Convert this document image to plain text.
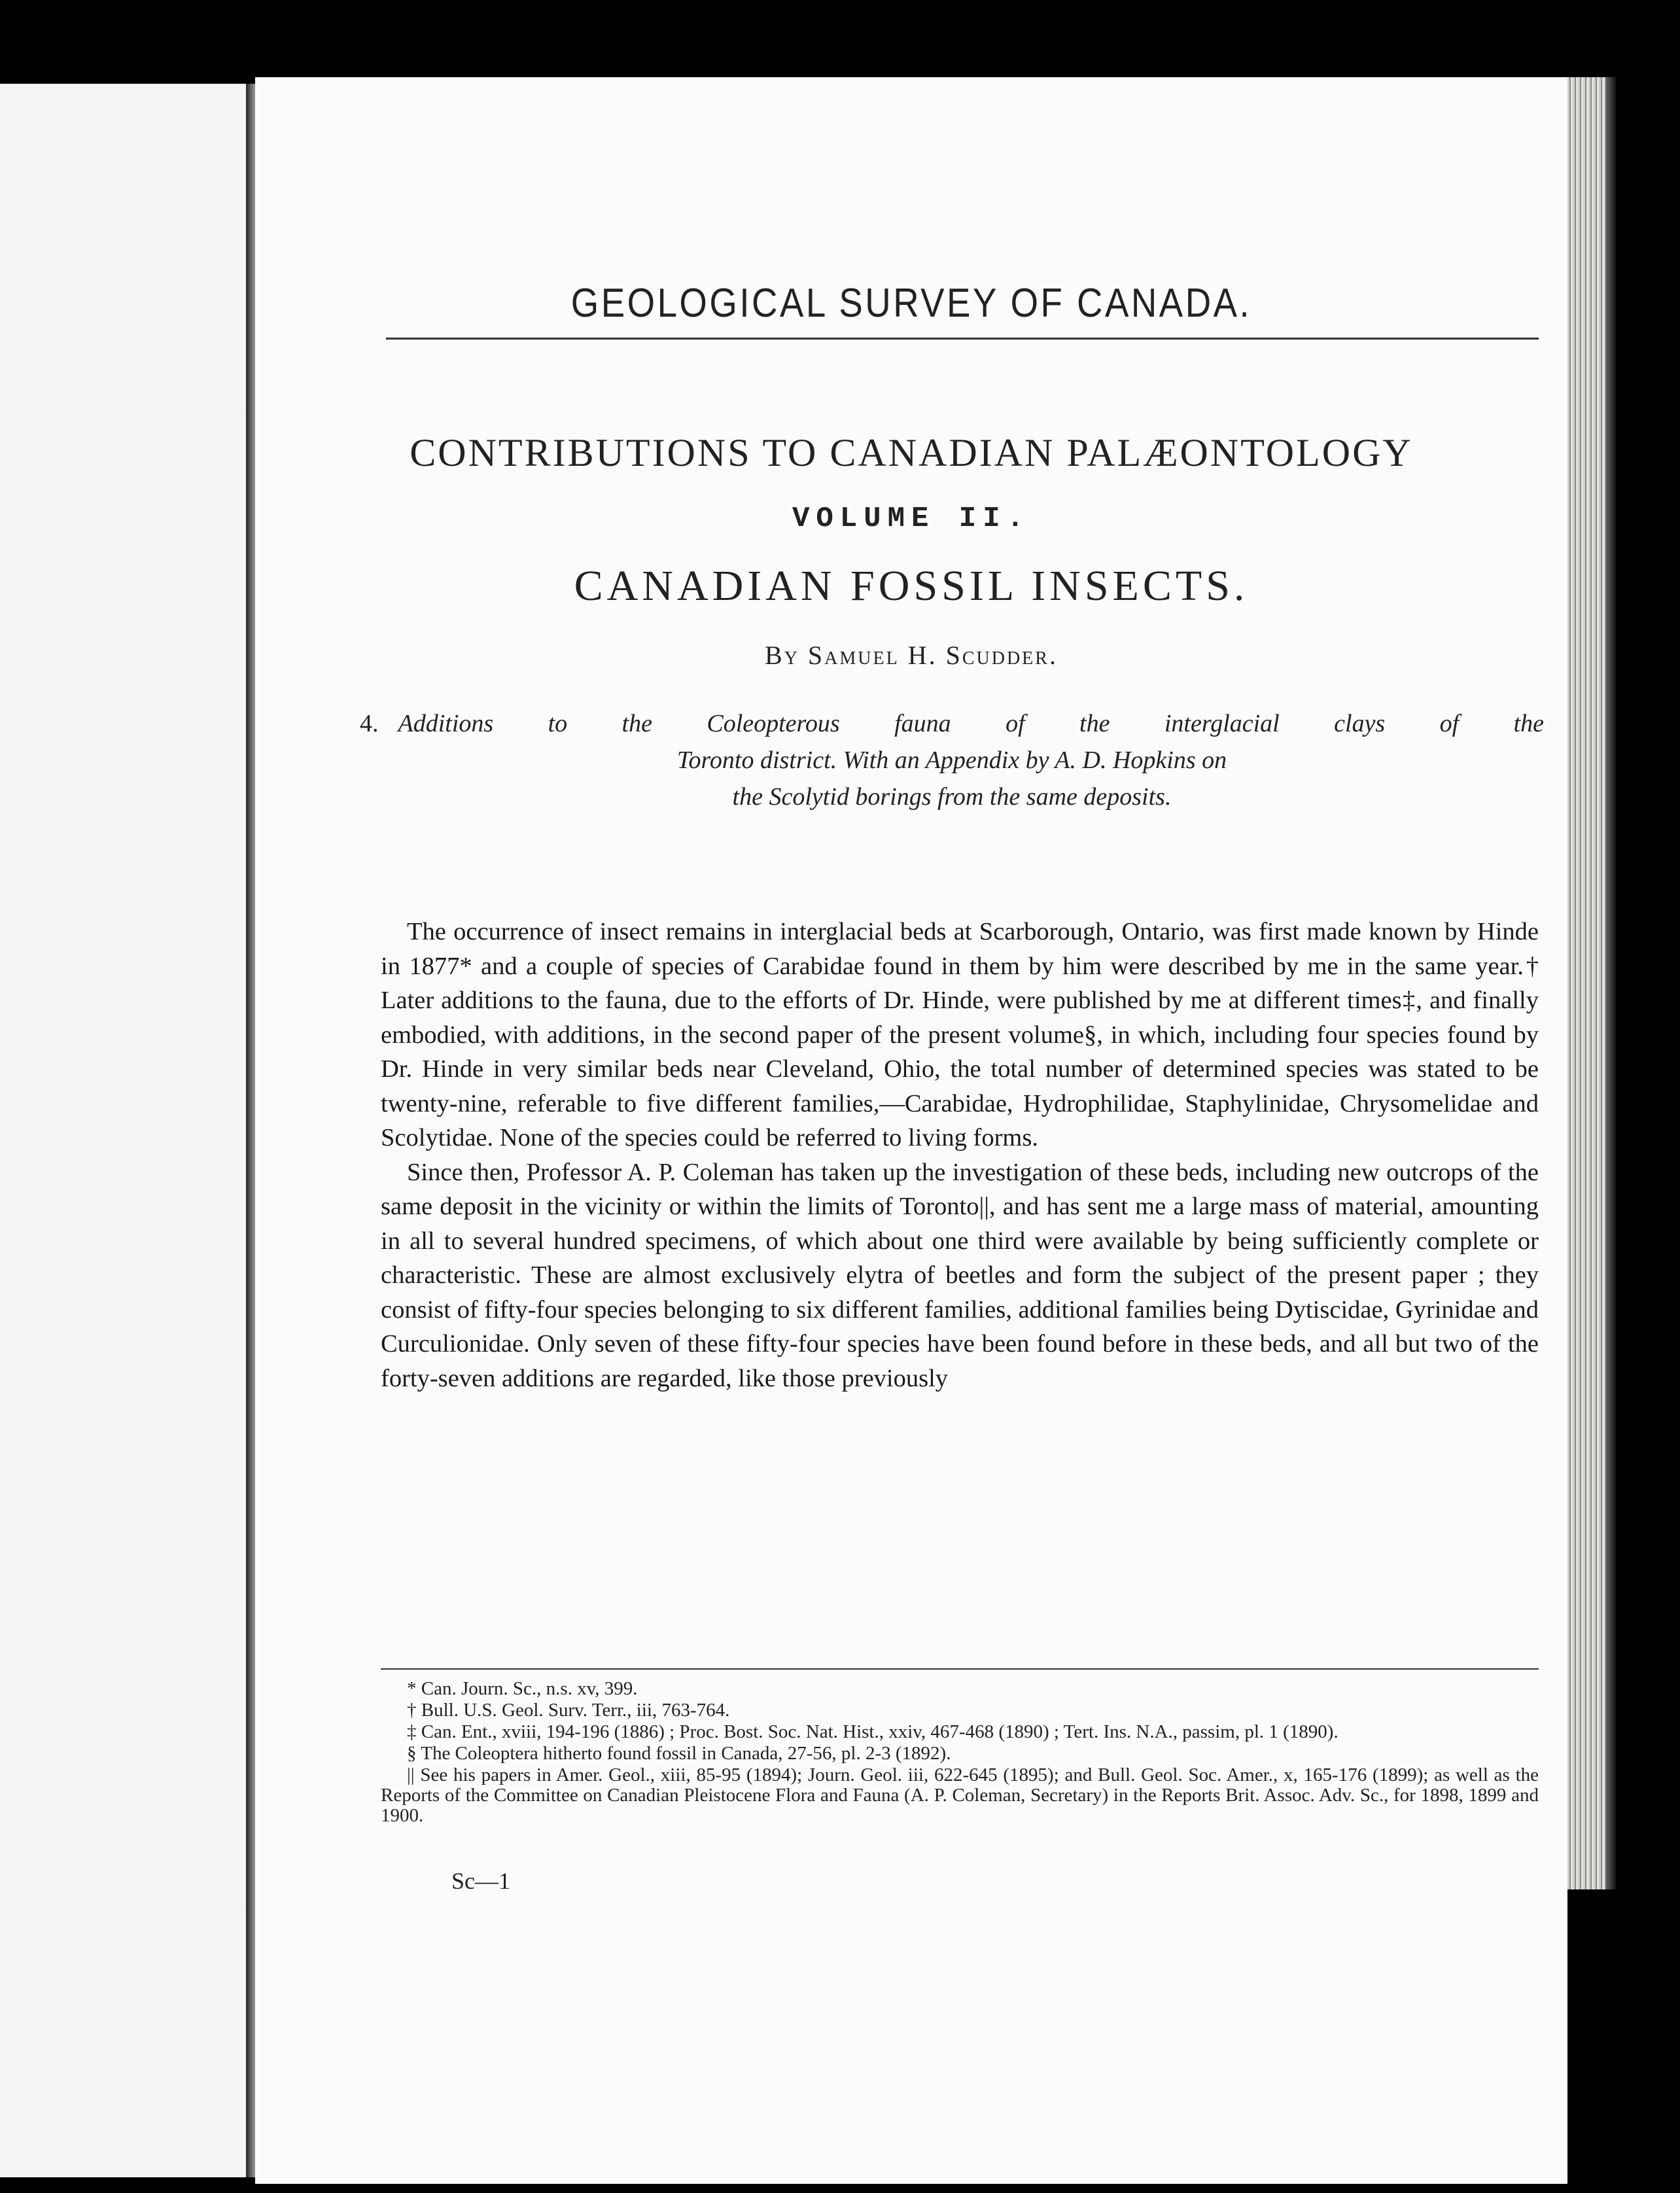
GEOLOGICAL SURVEY OF CANADA.
CONTRIBUTIONS TO CANADIAN PALÆONTOLOGY
VOLUME II.
CANADIAN FOSSIL INSECTS.
By Samuel H. Scudder.
4. Additions to the Coleopterous fauna of the interglacial clays of the
Toronto district. With an Appendix by A. D. Hopkins on
the Scolytid borings from the same deposits.

The occurrence of insect remains in interglacial beds at Scarborough, Ontario, was first made known by Hinde in 1877* and a couple of species of Carabidae found in them by him were described by me in the same year.† Later additions to the fauna, due to the efforts of Dr. Hinde, were published by me at different times‡, and finally embodied, with additions, in the second paper of the present volume§, in which, including four species found by Dr. Hinde in very similar beds near Cleveland, Ohio, the total number of determined species was stated to be twenty-nine, referable to five different families,—Carabidae, Hydrophilidae, Staphylinidae, Chrysomelidae and Scolytidae. None of the species could be referred to living forms.

Since then, Professor A. P. Coleman has taken up the investigation of these beds, including new outcrops of the same deposit in the vicinity or within the limits of Toronto||, and has sent me a large mass of material, amounting in all to several hundred specimens, of which about one third were available by being sufficiently complete or characteristic. These are almost exclusively elytra of beetles and form the subject of the present paper ; they consist of fifty-four species belonging to six different families, additional families being Dytiscidae, Gyrinidae and Curculionidae. Only seven of these fifty-four species have been found before in these beds, and all but two of the forty-seven additions are regarded, like those previously

* Can. Journ. Sc., n.s. xv, 399.

† Bull. U.S. Geol. Surv. Terr., iii, 763-764.

‡ Can. Ent., xviii, 194-196 (1886) ; Proc. Bost. Soc. Nat. Hist., xxiv, 467-468 (1890) ; Tert. Ins. N.A., passim, pl. 1 (1890).

§ The Coleoptera hitherto found fossil in Canada, 27-56, pl. 2-3 (1892).

|| See his papers in Amer. Geol., xiii, 85-95 (1894); Journ. Geol. iii, 622-645 (1895); and Bull. Geol. Soc. Amer., x, 165-176 (1899); as well as the Reports of the Committee on Canadian Pleistocene Flora and Fauna (A. P. Coleman, Secretary) in the Reports Brit. Assoc. Adv. Sc., for 1898, 1899 and 1900.

Sc—1
